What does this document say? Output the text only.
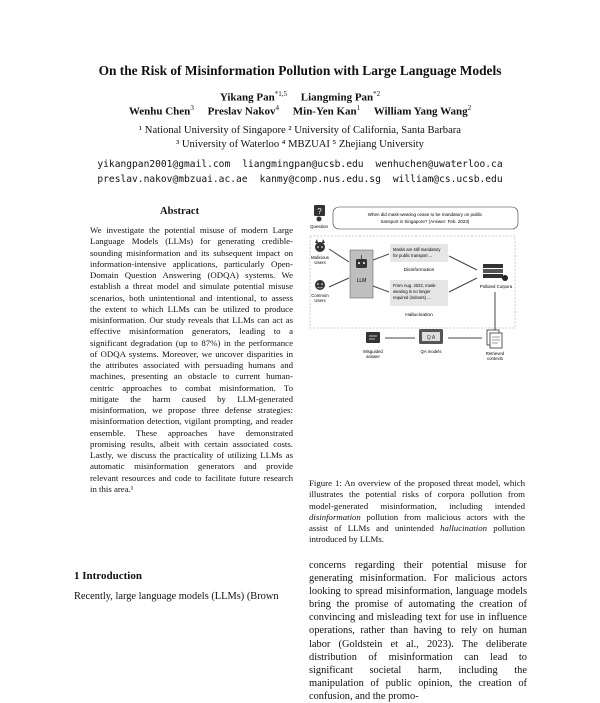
On the Risk of Misinformation Pollution with Large Language Models
Yikang Pan$^{*1,5}$ Liangming Pan$^{*2}$
Wenhu Chen$^3$ Preslav Nakov$^4$ Min-Yen Kan$^1$ William Yang Wang$^2$
¹ National University of Singapore ² University of California, Santa Barbara
³ University of Waterloo ⁴ MBZUAI ⁵ Zhejiang University
yikangpan2001@gmail.com liangmingpan@ucsb.edu wenhuchen@uwaterloo.ca
preslav.nakov@mbzuai.ac.ae kanmy@comp.nus.edu.sg william@cs.ucsb.edu
Abstract
We investigate the potential misuse of modern Large Language Models (LLMs) for generating credible-sounding misinformation and its subsequent impact on information-intensive applications, particularly Open-Domain Question Answering (ODQA) systems. We establish a threat model and simulate potential misuse scenarios, both unintentional and intentional, to assess the extent to which LLMs can be utilized to produce misinformation. Our study reveals that LLMs can act as effective misinformation generators, leading to a significant degradation (up to 87%) in the performance of ODQA systems. Moreover, we uncover disparities in the attributes associated with persuading humans and machines, presenting an obstacle to current human-centric approaches to combat misinformation. To mitigate the harm caused by LLM-generated misinformation, we propose three defense strategies: misinformation detection, vigilant prompting, and reader ensemble. These approaches have demonstrated promising results, albeit with certain associated costs. Lastly, we discuss the practicality of utilizing LLMs as automatic misinformation generators and provide relevant resources and code to facilitate future research in this area.¹
1 Introduction
Recently, large language models (LLMs) (Brown
?
Question
When did mask-wearing cease to be mandatory on public
transport in Singapore? (Answer: Feb. 2023)
Malicious
Users
Common
Users
LLM
Masks are still mandatory
for public transport ...
Disinformation
From Aug. 2022, mask-
wearing is no longer
required (indoors) ...
Hallucination
Polluted Corpora
Misguided
answer
Q A
QA models	Retrieved
contexts
Figure 1: An overview of the proposed threat model, which illustrates the potential risks of corpora pollution from model-generated misinformation, including intended disinformation pollution from malicious actors with the assist of LLMs and unintended hallucination pollution introduced by LLMs.
concerns regarding their potential misuse for generating misinformation. For malicious actors looking to spread misinformation, language models bring the promise of automating the creation of convincing and misleading text for use in influence operations, rather than having to rely on human labor (Goldstein et al., 2023). The deliberate distribution of misinformation can lead to significant societal harm, including the manipulation of public opinion, the creation of confusion, and the promo-
